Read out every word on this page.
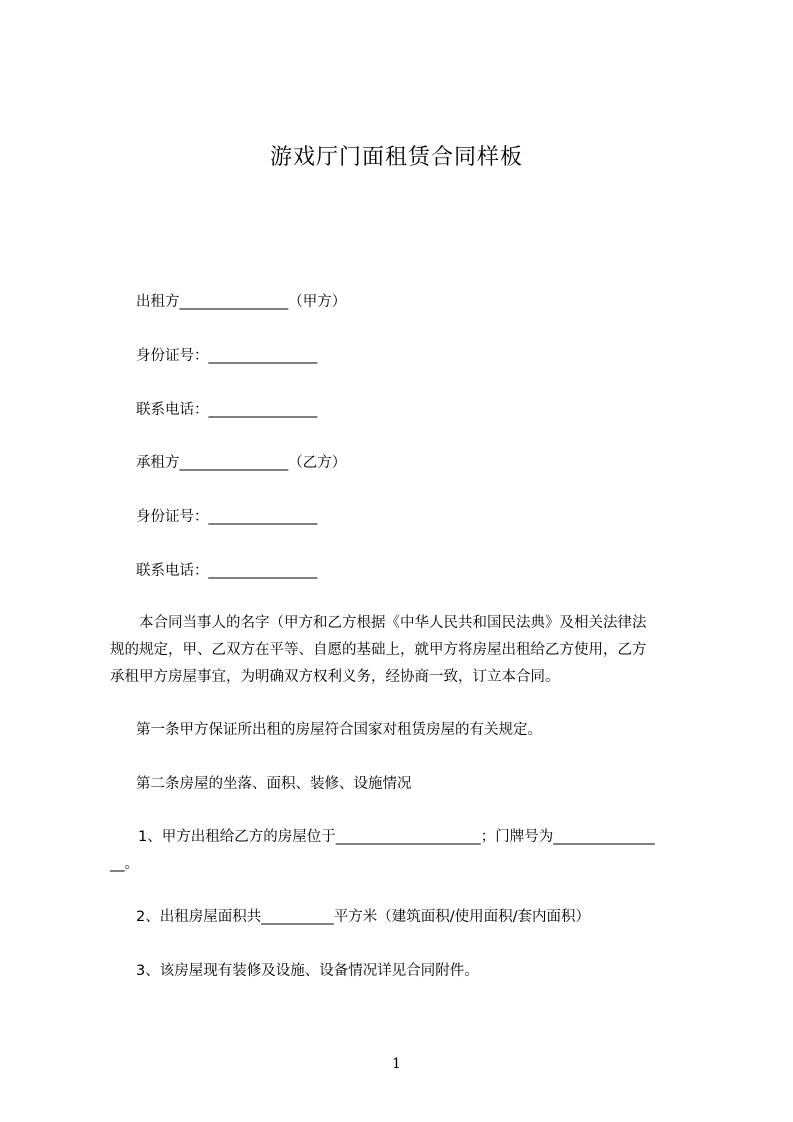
游戏厅门面租赁合同样板
出租方_______________（甲方）
身份证号：_______________
联系电话：_______________
承租方_______________（乙方）
身份证号：_______________
联系电话：_______________
本合同当事人的名字（甲方和乙方根据《中华人民共和国民法典》及相关法律法
规的规定，甲、乙双方在平等、自愿的基础上，就甲方将房屋出租给乙方使用，乙方
承租甲方房屋事宜，为明确双方权利义务，经协商一致，订立本合同。
第一条甲方保证所出租的房屋符合国家对租赁房屋的有关规定。
第二条房屋的坐落、面积、装修、设施情况
1、甲方出租给乙方的房屋位于____________________；门牌号为______________
__。
2、出租房屋面积共__________平方米（建筑面积/使用面积/套内面积）
3、该房屋现有装修及设施、设备情况详见合同附件。
1
